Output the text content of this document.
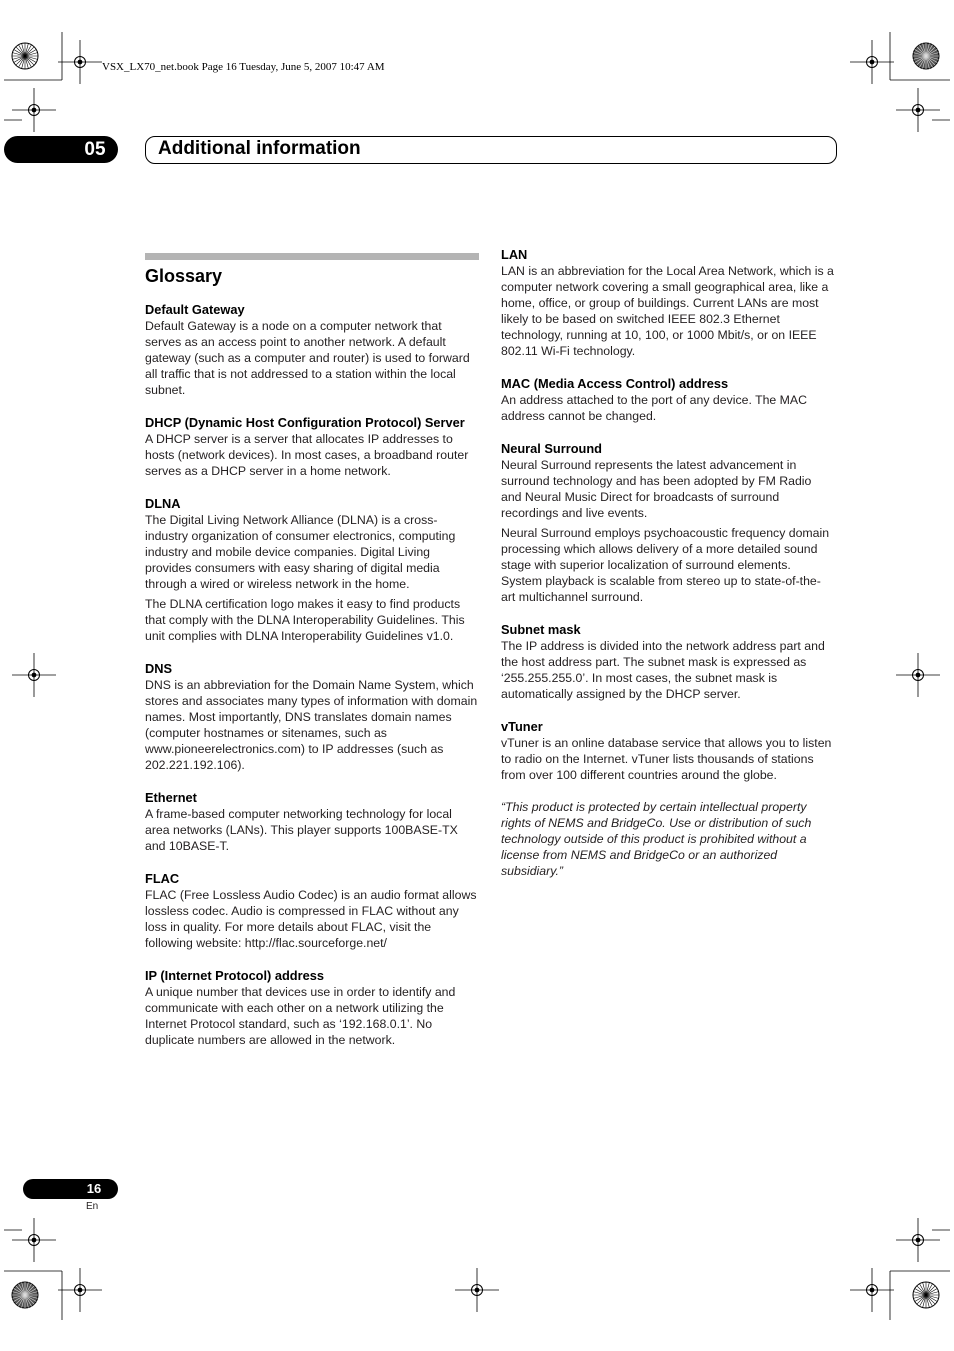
VSX_LX70_net.book Page 16 Tuesday, June 5, 2007 10:47 AM
05	Additional information
Glossary
Default Gateway

Default Gateway is a node on a computer network that serves as an access point to another network. A default gateway (such as a computer and router) is used to forward all traffic that is not addressed to a station within the local subnet.

DHCP (Dynamic Host Configuration Protocol) Server

A DHCP server is a server that allocates IP addresses to hosts (network devices). In most cases, a broadband router serves as a DHCP server in a home network.

DLNA

The Digital Living Network Alliance (DLNA) is a cross-industry organization of consumer electronics, computing industry and mobile device companies. Digital Living provides consumers with easy sharing of digital media through a wired or wireless network in the home.

The DLNA certification logo makes it easy to find products that comply with the DLNA Interoperability Guidelines. This unit complies with DLNA Interoperability Guidelines v1.0.

DNS

DNS is an abbreviation for the Domain Name System, which stores and associates many types of information with domain names. Most importantly, DNS translates domain names (computer hostnames or sitenames, such as www.pioneerelectronics.com) to IP addresses (such as 202.221.192.106).

Ethernet

A frame-based computer networking technology for local area networks (LANs). This player supports 100BASE-TX and 10BASE-T.

FLAC

FLAC (Free Lossless Audio Codec) is an audio format allows lossless codec. Audio is compressed in FLAC without any loss in quality. For more details about FLAC, visit the following website: http://flac.sourceforge.net/

IP (Internet Protocol) address

A unique number that devices use in order to identify and communicate with each other on a network utilizing the Internet Protocol standard, such as ‘192.168.0.1’. No duplicate numbers are allowed in the network.

LAN

LAN is an abbreviation for the Local Area Network, which is a computer network covering a small geographical area, like a home, office, or group of buildings. Current LANs are most likely to be based on switched IEEE 802.3 Ethernet technology, running at 10, 100, or 1000 Mbit/s, or on IEEE 802.11 Wi-Fi technology.

MAC (Media Access Control) address

An address attached to the port of any device. The MAC address cannot be changed.

Neural Surround

Neural Surround represents the latest advancement in surround technology and has been adopted by FM Radio and Neural Music Direct for broadcasts of surround recordings and live events.

Neural Surround employs psychoacoustic frequency domain processing which allows delivery of a more detailed sound stage with superior localization of surround elements. System playback is scalable from stereo up to state-of-the-art multichannel surround.

Subnet mask

The IP address is divided into the network address part and the host address part. The subnet mask is expressed as ‘255.255.255.0’. In most cases, the subnet mask is automatically assigned by the DHCP server.

vTuner

vTuner is an online database service that allows you to listen to radio on the Internet. vTuner lists thousands of stations from over 100 different countries around the globe.

“This product is protected by certain intellectual property rights of NEMS and BridgeCo. Use or distribution of such technology outside of this product is prohibited without a license from NEMS and BridgeCo or an authorized subsidiary.”

16
En
